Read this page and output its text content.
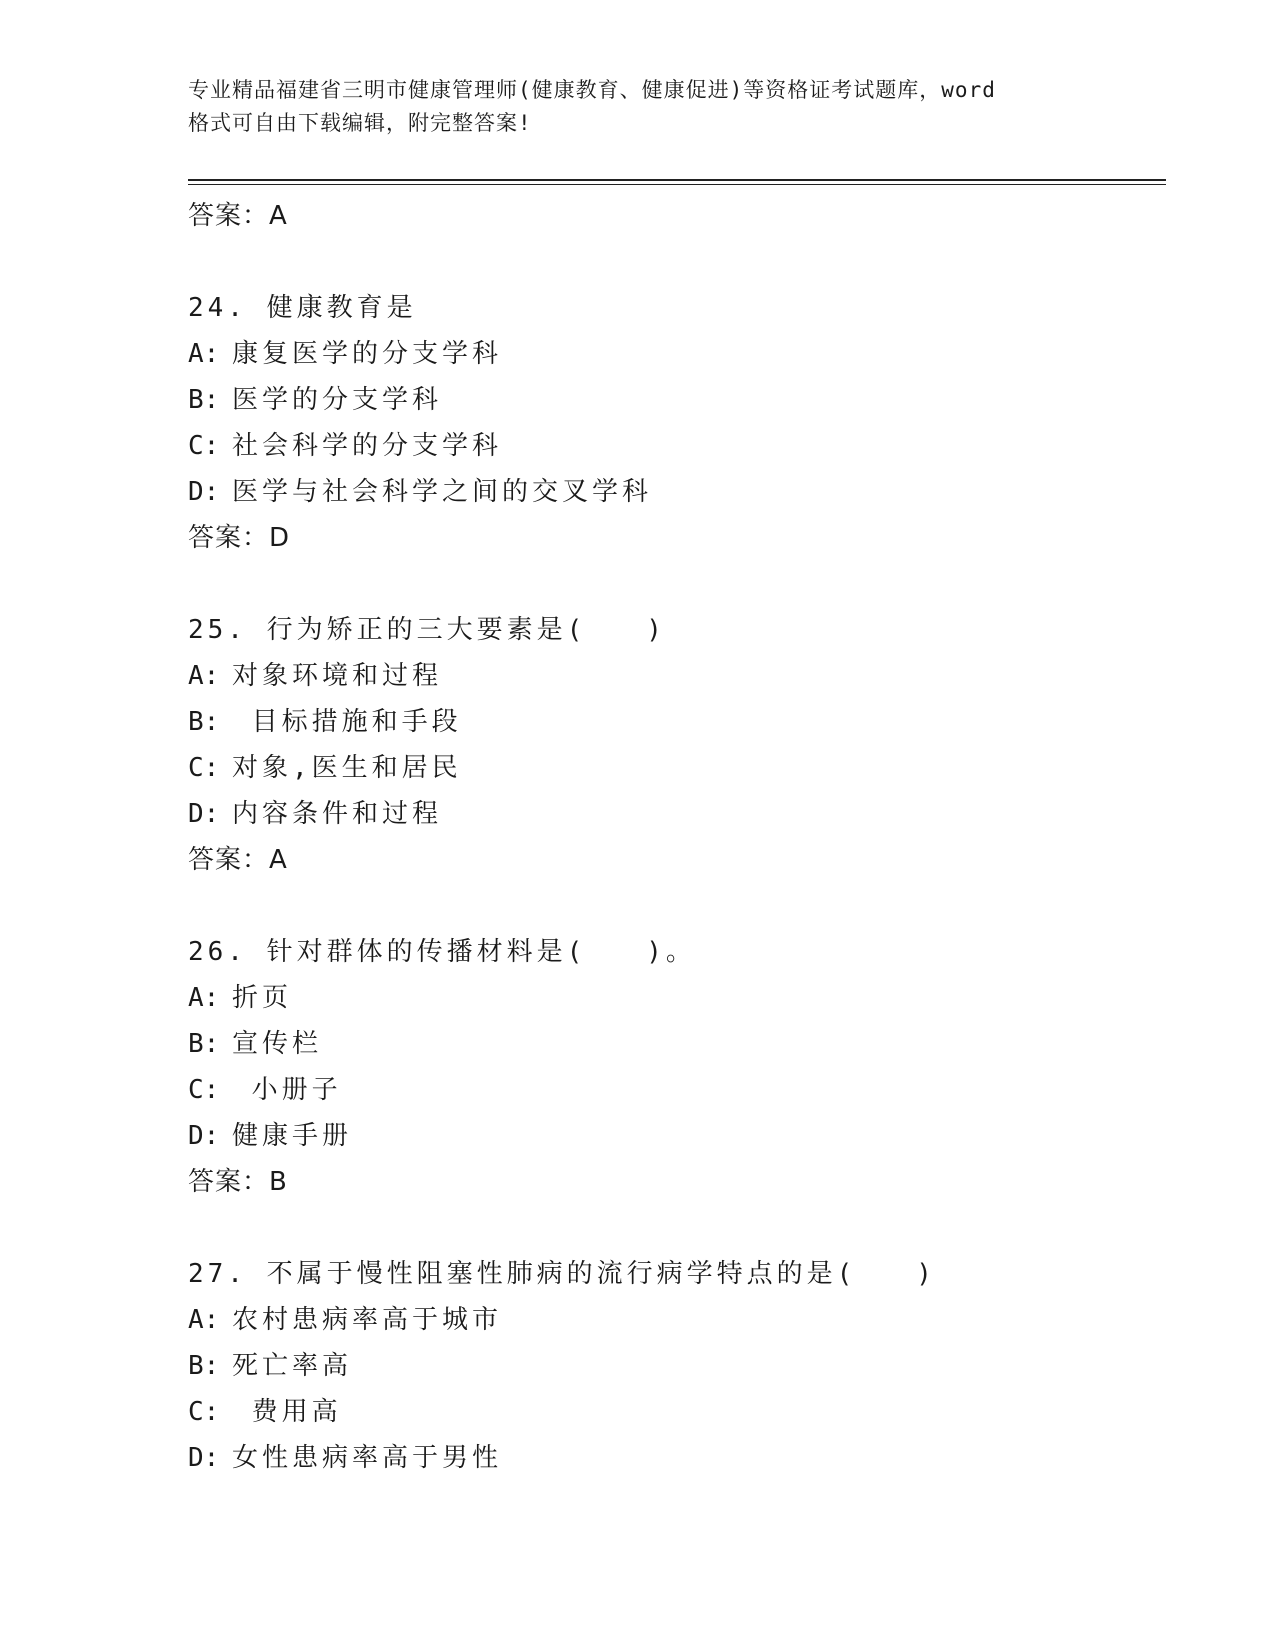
专业精品福建省三明市健康管理师(健康教育、健康促进)等资格证考试题库，word
格式可自由下载编辑，附完整答案!
答案：A
24. 健康教育是
A: 康复医学的分支学科
B: 医学的分支学科
C: 社会科学的分支学科
D: 医学与社会科学之间的交叉学科
答案：D
25. 行为矫正的三大要素是(　　)
A: 对象环境和过程
B: 目标措施和手段
C: 对象,医生和居民
D: 内容条件和过程
答案：A
26. 针对群体的传播材料是(　　)。
A: 折页
B: 宣传栏
C: 小册子
D: 健康手册
答案：B
27. 不属于慢性阻塞性肺病的流行病学特点的是(　　)
A: 农村患病率高于城市
B: 死亡率高
C: 费用高
D: 女性患病率高于男性
